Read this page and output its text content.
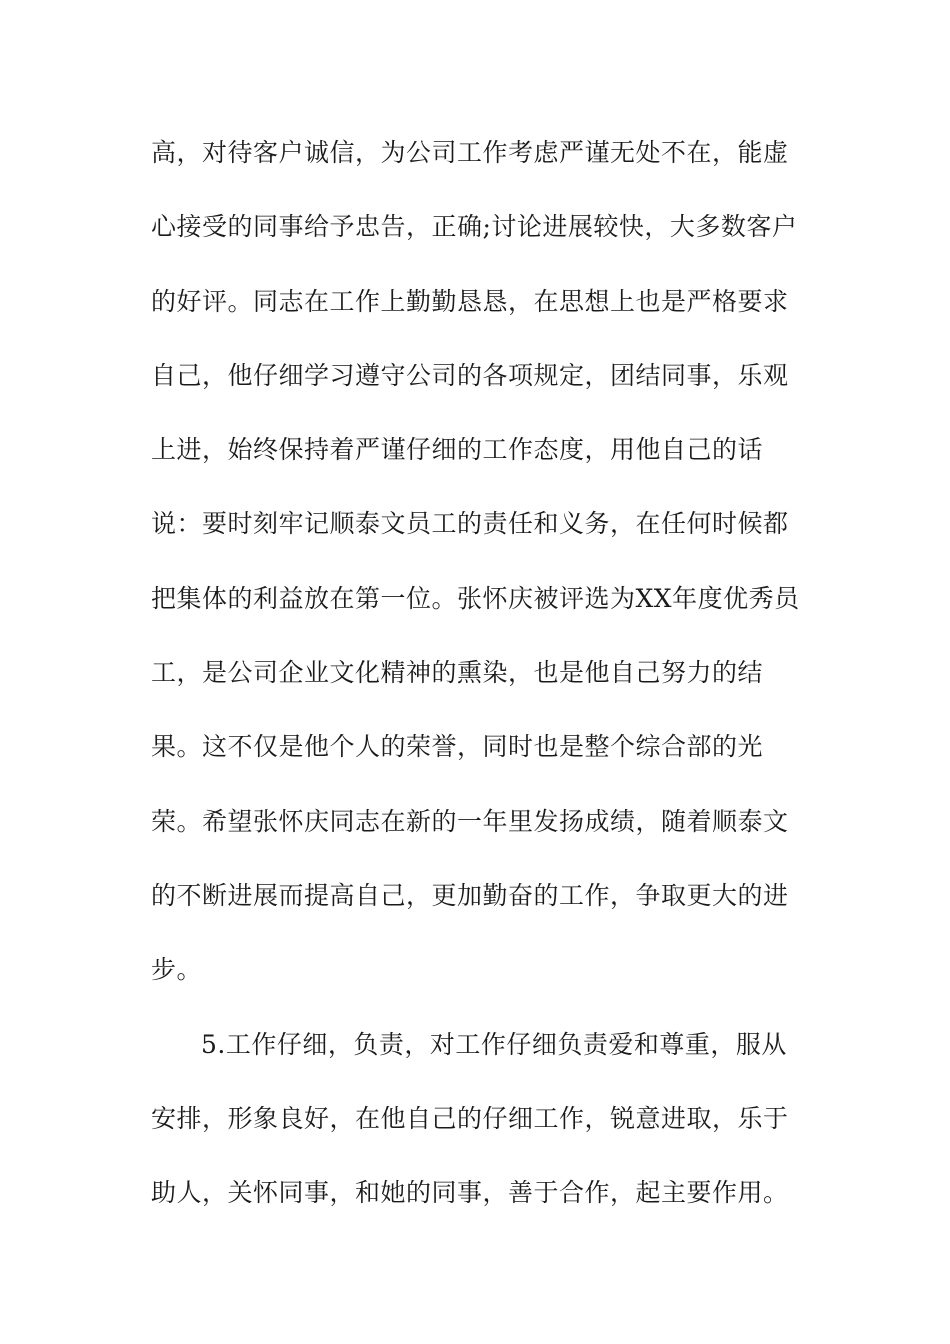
高，对待客户诚信，为公司工作考虑严谨无处不在，能虚
心接受的同事给予忠告，正确;讨论进展较快，大多数客户
的好评。同志在工作上勤勤恳恳，在思想上也是严格要求
自己，他仔细学习遵守公司的各项规定，团结同事，乐观
上进，始终保持着严谨仔细的工作态度，用他自己的话
说：要时刻牢记顺泰文员工的责任和义务，在任何时候都
把集体的利益放在第一位。张怀庆被评选为XX年度优秀员
工，是公司企业文化精神的熏染，也是他自己努力的结
果。这不仅是他个人的荣誉，同时也是整个综合部的光
荣。希望张怀庆同志在新的一年里发扬成绩，随着顺泰文
的不断进展而提高自己，更加勤奋的工作，争取更大的进
步。
5.工作仔细，负责，对工作仔细负责爱和尊重，服从
安排，形象良好，在他自己的仔细工作，锐意进取，乐于
助人，关怀同事，和她的同事，善于合作，起主要作用。
